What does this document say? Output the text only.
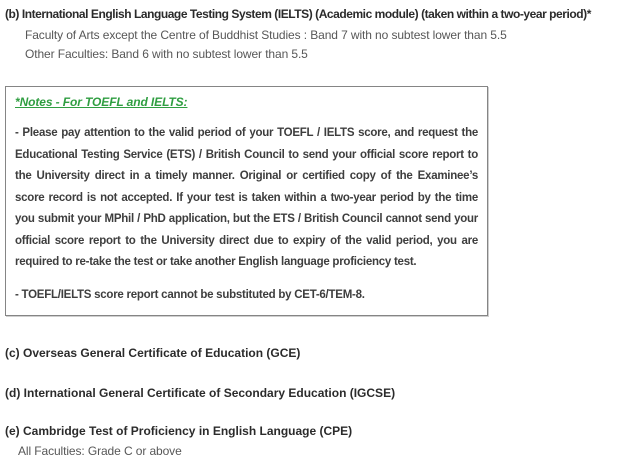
(b) International English Language Testing System (IELTS) (Academic module) (taken within a two-year period)*
Faculty of Arts except the Centre of Buddhist Studies : Band 7 with no subtest lower than 5.5
Other Faculties: Band 6 with no subtest lower than 5.5
*Notes - For TOEFL and IELTS:

- Please pay attention to the valid period of your TOEFL / IELTS score, and request the Educational Testing Service (ETS) / British Council to send your official score report to the University direct in a timely manner. Original or certified copy of the Examinee’s score record is not accepted. If your test is taken within a two-year period by the time you submit your MPhil / PhD application, but the ETS / British Council cannot send your official score report to the University direct due to expiry of the valid period, you are required to re-take the test or take another English language proficiency test.

- TOEFL/IELTS score report cannot be substituted by CET-6/TEM-8.

(c) Overseas General Certificate of Education (GCE)
(d) International General Certificate of Secondary Education (IGCSE)
(e) Cambridge Test of Proficiency in English Language (CPE)
All Faculties: Grade C or above
